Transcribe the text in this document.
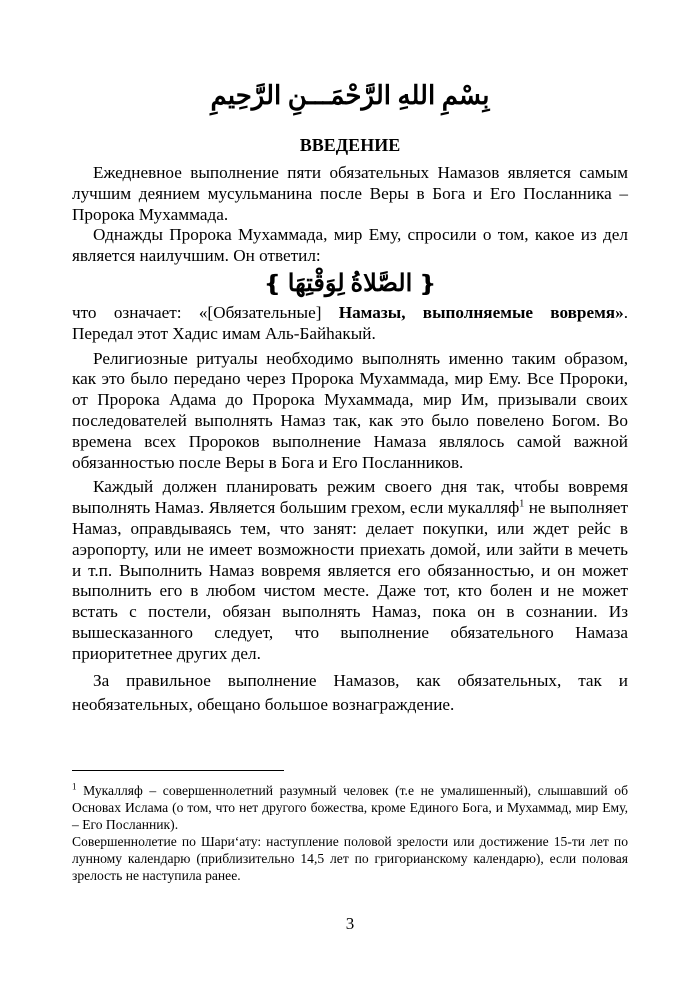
بِسْمِ اللهِ الرَّحْمَـــنِ الرَّحِيمِ
ВВЕДЕНИЕ

Ежедневное выполнение пяти обязательных Намазов является самым лучшим деянием мусульманина после Веры в Бога и Его Посланника – Пророка Мухаммада.

Однажды Пророка Мухаммада, мир Ему, спросили о том, какое из дел является наилучшим. Он ответил:

❴ الصَّلاةُ لِوَقْتِهَا ❵

что означает: «[Обязательные] Намазы, выполняемые вовремя». Передал этот Хадис имам Аль-Байhакый.

Религиозные ритуалы необходимо выполнять именно таким образом, как это было передано через Пророка Мухаммада, мир Ему. Все Пророки, от Пророка Адама до Пророка Мухаммада, мир Им, призывали своих последователей выполнять Намаз так, как это было повелено Богом. Во времена всех Пророков выполнение Намаза являлось самой важной обязанностью после Веры в Бога и Его Посланников.

Каждый должен планировать режим своего дня так, чтобы вовремя выполнять Намаз. Является большим грехом, если мукалляф$^1$ не выполняет Намаз, оправдываясь тем, что занят: делает покупки, или ждет рейс в аэропорту, или не имеет возможности приехать домой, или зайти в мечеть и т.п. Выполнить Намаз вовремя является его обязанностью, и он может выполнить его в любом чистом месте. Даже тот, кто болен и не может встать с постели, обязан выполнять Намаз, пока он в сознании. Из вышесказанного следует, что выполнение обязательного Намаза приоритетнее других дел.

За правильное выполнение Намазов, как обязательных, так и необязательных, обещано большое вознаграждение.

$^1$ Мукалляф – совершеннолетний разумный человек (т.е не умалишенный), слышавший об Основах Ислама (о том, что нет другого божества, кроме Единого Бога, и Мухаммад, мир Ему, – Его Посланник).

Совершеннолетие по Шари‘ату: наступление половой зрелости или достижение 15-ти лет по лунному календарю (приблизительно 14,5 лет по григорианскому календарю), если половая зрелость не наступила ранее.

3
